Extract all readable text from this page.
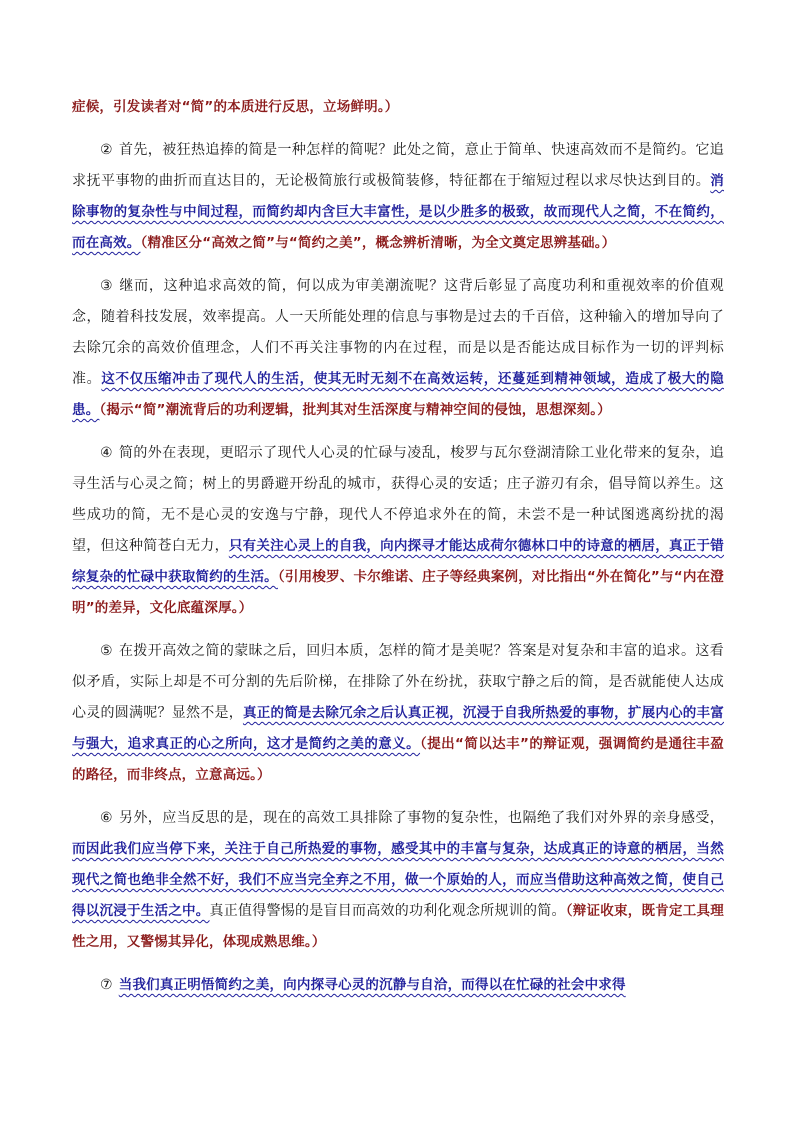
症候，引发读者对“简”的本质进行反思，立场鲜明。）

② 首先，被狂热追捧的简是一种怎样的简呢？此处之简，意止于简单、快速高效而不是简约。它追求抚平事物的曲折而直达目的，无论极简旅行或极简装修，特征都在于缩短过程以求尽快达到目的。消除事物的复杂性与中间过程，而简约却内含巨大丰富性，是以少胜多的极致，故而现代人之简，不在简约，而在高效。（精准区分“高效之简”与“简约之美”，概念辨析清晰，为全文奠定思辨基础。）

③ 继而，这种追求高效的简，何以成为审美潮流呢？这背后彰显了高度功利和重视效率的价值观念，随着科技发展，效率提高。人一天所能处理的信息与事物是过去的千百倍，这种输入的增加导向了去除冗余的高效价值理念，人们不再关注事物的内在过程，而是以是否能达成目标作为一切的评判标准。这不仅压缩冲击了现代人的生活，使其无时无刻不在高效运转，还蔓延到精神领域，造成了极大的隐患。（揭示“简”潮流背后的功利逻辑，批判其对生活深度与精神空间的侵蚀，思想深刻。）

④ 简的外在表现，更昭示了现代人心灵的忙碌与凌乱，梭罗与瓦尔登湖清除工业化带来的复杂，追寻生活与心灵之简；树上的男爵避开纷乱的城市，获得心灵的安适；庄子游刃有余，倡导简以养生。这些成功的简，无不是心灵的安逸与宁静，现代人不停追求外在的简，未尝不是一种试图逃离纷扰的渴望，但这种简苍白无力，只有关注心灵上的自我，向内探寻才能达成荷尔德林口中的诗意的栖居，真正于错综复杂的忙碌中获取简约的生活。（引用梭罗、卡尔维诺、庄子等经典案例，对比指出“外在简化”与“内在澄明”的差异，文化底蕴深厚。）

⑤ 在拨开高效之简的蒙昧之后，回归本质，怎样的简才是美呢？答案是对复杂和丰富的追求。这看似矛盾，实际上却是不可分割的先后阶梯，在排除了外在纷扰，获取宁静之后的简，是否就能使人达成心灵的圆满呢？显然不是，真正的简是去除冗余之后认真正视，沉浸于自我所热爱的事物，扩展内心的丰富与强大，追求真正的心之所向，这才是简约之美的意义。（提出“简以达丰”的辩证观，强调简约是通往丰盈的路径，而非终点，立意高远。）

⑥ 另外，应当反思的是，现在的高效工具排除了事物的复杂性，也隔绝了我们对外界的亲身感受，而因此我们应当停下来，关注于自己所热爱的事物，感受其中的丰富与复杂，达成真正的诗意的栖居，当然现代之简也绝非全然不好，我们不应当完全弃之不用，做一个原始的人，而应当借助这种高效之简，使自己得以沉浸于生活之中。真正值得警惕的是盲目而高效的功利化观念所规训的简。（辩证收束，既肯定工具理性之用，又警惕其异化，体现成熟思维。）

⑦ 当我们真正明悟简约之美，向内探寻心灵的沉静与自洽，而得以在忙碌的社会中求得
